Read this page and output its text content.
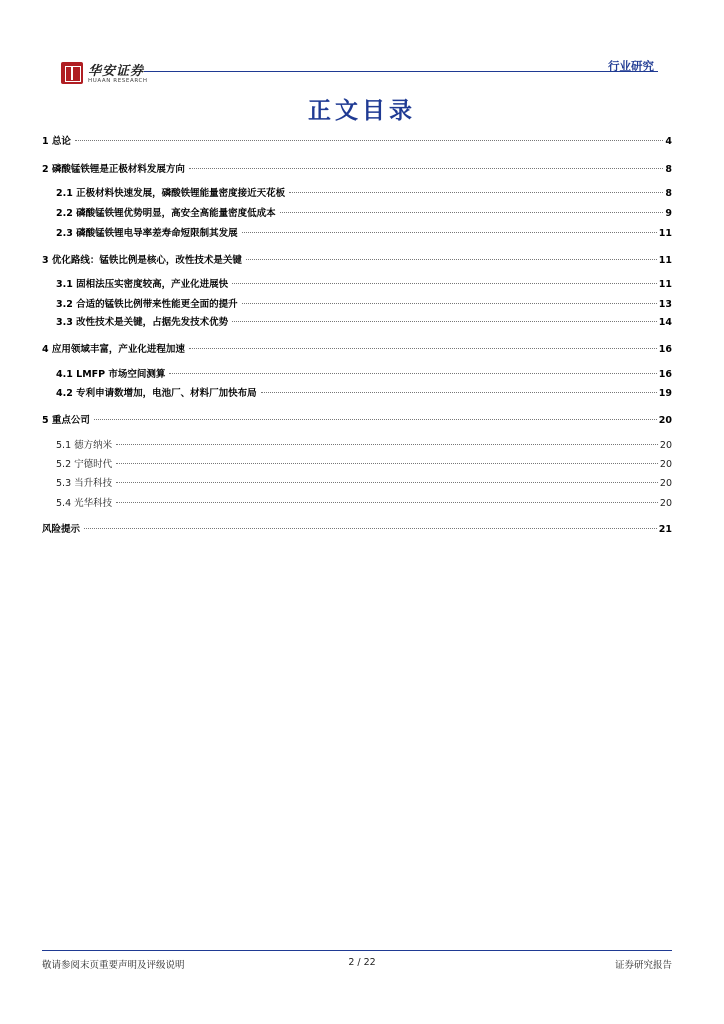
华安证券
HUAAN RESEARCH
行业研究
正文目录
1 总论	4
2 磷酸锰铁锂是正极材料发展方向	8
2.1 正极材料快速发展，磷酸铁锂能量密度接近天花板	8
2.2 磷酸锰铁锂优势明显，高安全高能量密度低成本	9
2.3 磷酸锰铁锂电导率差寿命短限制其发展	11
3 优化路线：锰铁比例是核心，改性技术是关键	11
3.1 固相法压实密度较高，产业化进展快	11
3.2 合适的锰铁比例带来性能更全面的提升	13
3.3 改性技术是关键，占据先发技术优势	14
4 应用领域丰富，产业化进程加速	16
4.1 LMFP 市场空间测算	16
4.2 专利申请数增加，电池厂、材料厂加快布局	19
5 重点公司	20
5.1 德方纳米	20
5.2 宁德时代	20
5.3 当升科技	20
5.4 光华科技	20
风险提示	21
敬请参阅末页重要声明及评级说明	2 / 22	证券研究报告
